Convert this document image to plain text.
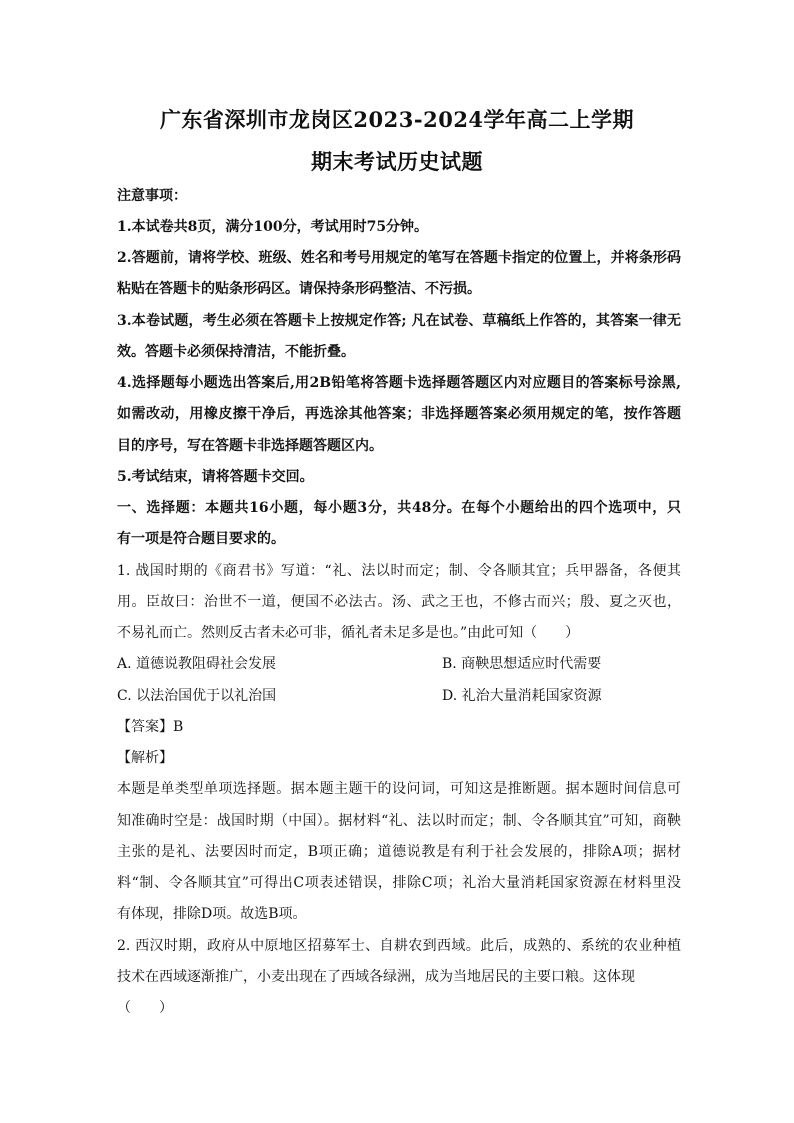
广东省深圳市龙岗区2023-2024学年高二上学期
期末考试历史试题
注意事项：
1.本试卷共8页，满分100分，考试用时75分钟。
2.答题前，请将学校、班级、姓名和考号用规定的笔写在答题卡指定的位置上，并将条形码
粘贴在答题卡的贴条形码区。请保持条形码整洁、不污损。
3.本卷试题，考生必须在答题卡上按规定作答; 凡在试卷、草稿纸上作答的，其答案一律无
效。答题卡必须保持清洁，不能折叠。
4.选择题每小题选出答案后,用2B铅笔将答题卡选择题答题区内对应题目的答案标号涂黑,
如需改动，用橡皮擦干净后，再选涂其他答案；非选择题答案必须用规定的笔，按作答题
目的序号，写在答题卡非选择题答题区内。
5.考试结束，请将答题卡交回。
一、选择题：本题共16小题，每小题3分，共48分。在每个小题给出的四个选项中，只
有一项是符合题目要求的。
1. 战国时期的《商君书》写道：“礼、法以时而定；制、令各顺其宜；兵甲器备，各便其
用。臣故曰：治世不一道，便国不必法古。汤、武之王也，不修古而兴；殷、夏之灭也，
不易礼而亡。然则反古者未必可非，循礼者未足多是也。”由此可知（　　）
A. 道德说教阻碍社会发展	B. 商鞅思想适应时代需要
C. 以法治国优于以礼治国	D. 礼治大量消耗国家资源
【答案】B
【解析】
本题是单类型单项选择题。据本题主题干的设问词，可知这是推断题。据本题时间信息可
知准确时空是：战国时期（中国）。据材料“礼、法以时而定；制、令各顺其宜”可知，商鞅
主张的是礼、法要因时而定，B项正确；道德说教是有利于社会发展的，排除A项；据材
料“制、令各顺其宜”可得出C项表述错误，排除C项；礼治大量消耗国家资源在材料里没
有体现，排除D项。故选B项。
2. 西汉时期，政府从中原地区招募军士、自耕农到西域。此后，成熟的、系统的农业种植
技术在西域逐渐推广，小麦出现在了西域各绿洲，成为当地居民的主要口粮。这体现
（　　）
